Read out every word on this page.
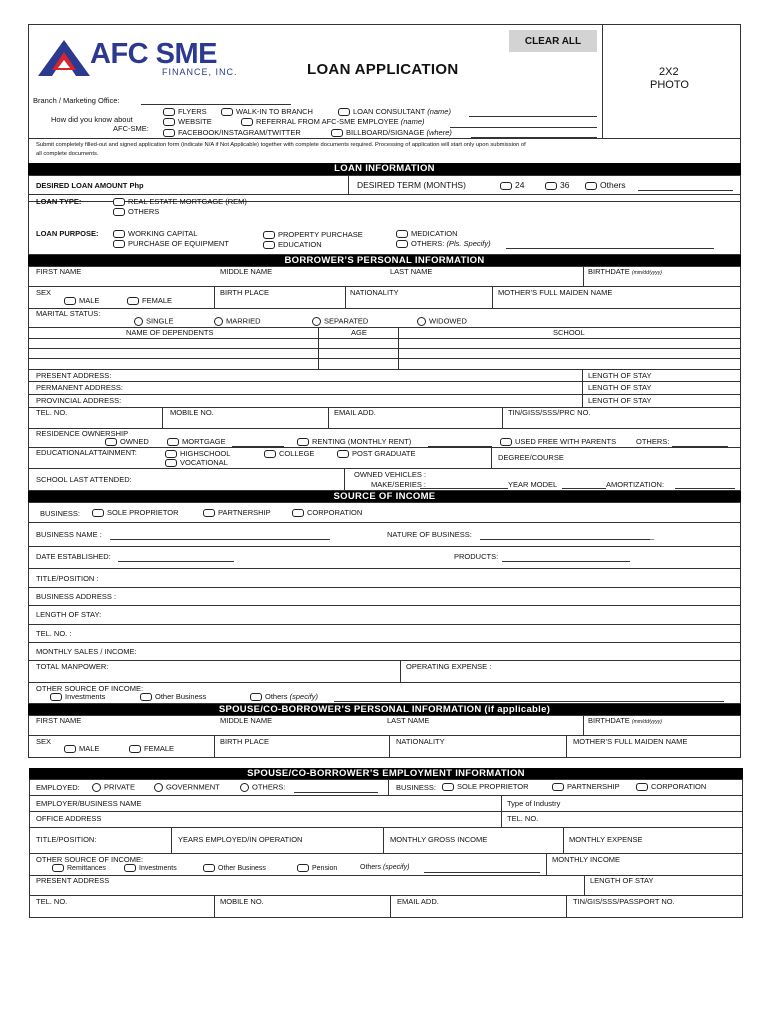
AFC SME
FINANCE, INC.	LOAN APPLICATION
CLEAR ALL
2X2
PHOTO
Branch / Marketing Office:
How did you know about
AFC-SME:
FLYERS	WALK-IN TO BRANCH	LOAN CONSULTANT (name)
WEBSITE	REFERRAL FROM AFC-SME EMPLOYEE (name)
FACEBOOK/INSTAGRAM/TWITTER	BILLBOARD/SIGNAGE (where)
Submit completely filled-out and signed application form (indicate N/A if Not Applicable) together with complete documents required. Processing of application will start only upon submission of
all complete documents.
LOAN INFORMATION
DESIRED LOAN AMOUNT Php	DESIRED TERM (MONTHS)	24	36	Others
LOAN TYPE:	REAL ESTATE MORTGAGE (REM)
OTHERS
LOAN PURPOSE:	WORKING CAPITAL
PURCHASE OF EQUIPMENT
PROPERTY PURCHASE
EDUCATION
MEDICATION
OTHERS: (Pls. Specify)
BORROWER’S PERSONAL INFORMATION
FIRST NAME	MIDDLE NAME	LAST NAME	BIRTHDATE (mm/dd/yyyy)
SEX
MALE	FEMALE
BIRTH PLACE	NATIONALITY	MOTHER’S FULL MAIDEN NAME
MARITAL STATUS:
SINGLE	MARRIED	SEPARATED	WIDOWED
NAME OF DEPENDENTS	AGE	SCHOOL
PRESENT ADDRESS:	LENGTH OF STAY
PERMANENT ADDRESS:	LENGTH OF STAY
PROVINCIAL ADDRESS:	LENGTH OF STAY
TEL. NO.	MOBILE NO.	EMAIL ADD.	TIN/GISS/SSS/PRC NO.
RESIDENCE OWNERSHIP
OWNED	MORTGAGE	RENTING (MONTHLY RENT)	USED FREE WITH PARENTS	OTHERS:
EDUCATIONALATTAINMENT:	HIGHSCHOOL
VOCATIONAL
COLLEGE	POST GRADUATE	DEGREE/COURSE
SCHOOL LAST ATTENDED:
OWNED VEHICLES :
MAKE/SERIES :	YEAR MODEL	AMORTIZATION:
SOURCE OF INCOME
BUSINESS:	SOLE PROPRIETOR	PARTNERSHIP	CORPORATION
BUSINESS NAME :	NATURE OF BUSINESS:	_
DATE ESTABLISHED:	PRODUCTS:
TITLE/POSITION :
BUSINESS ADDRESS :
LENGTH OF STAY:
TEL. NO. :
MONTHLY SALES / INCOME:
TOTAL MANPOWER:	OPERATING EXPENSE :
OTHER SOURCE OF INCOME:
Investments	Other Business	Others (specify)
SPOUSE/CO-BORROWER’S PERSONAL INFORMATION (if applicable)
FIRST NAME	MIDDLE NAME	LAST NAME	BIRTHDATE (mm/dd/yyyy)
SEX
MALE	FEMALE
BIRTH PLACE	NATIONALITY	MOTHER’S FULL MAIDEN NAME
SPOUSE/CO-BORROWER’S EMPLOYMENT INFORMATION
EMPLOYED:	PRIVATE	GOVERNMENT	OTHERS:	BUSINESS:	SOLE PROPRIETOR	PARTNERSHIP	CORPORATION
EMPLOYER/BUSINESS NAME	Type of Industry
OFFICE ADDRESS	TEL. NO.
TITLE/POSITION:	YEARS EMPLOYED/IN OPERATION	MONTHLY GROSS INCOME	MONTHLY EXPENSE
OTHER SOURCE OF INCOME:
Remittances	Investments	Other Business	Pension	Others (specify)
MONTHLY INCOME
PRESENT ADDRESS	LENGTH OF STAY
TEL. NO.	MOBILE NO.	EMAIL ADD.	TIN/GIS/SSS/PASSPORT NO.
